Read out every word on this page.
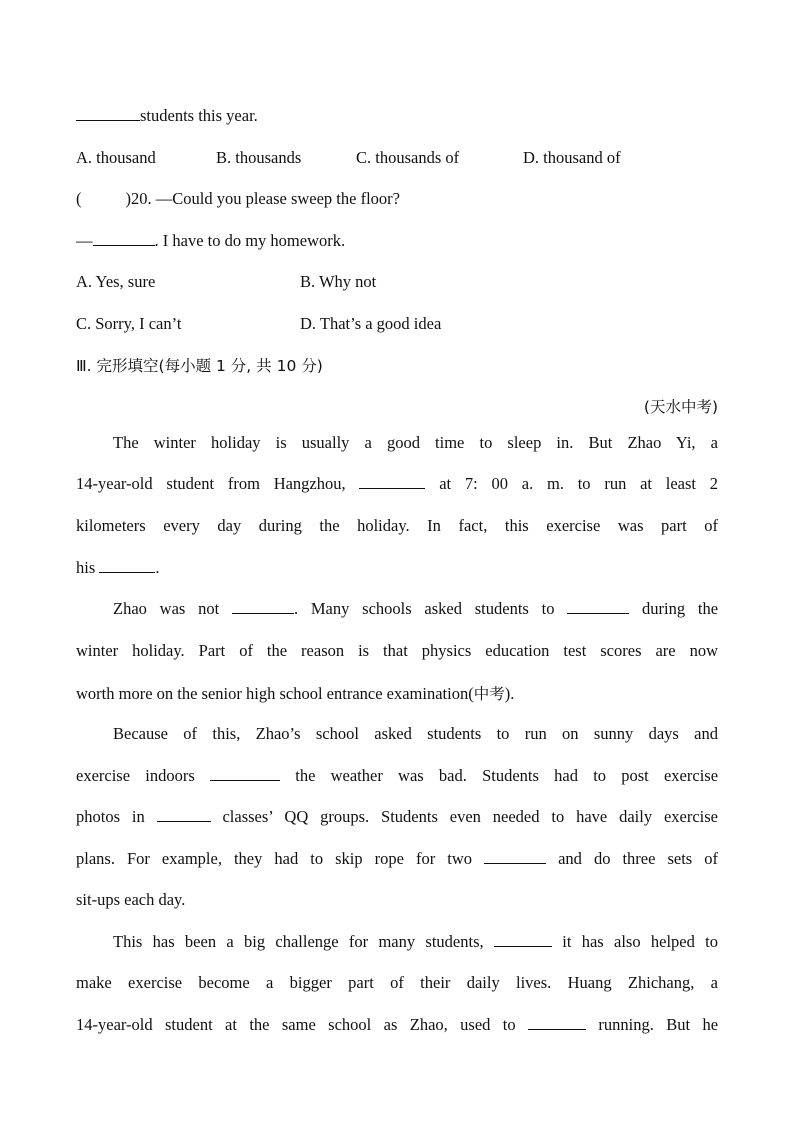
students this year.
A. thousand	B. thousands	C. thousands of	D. thousand of
(	)20. —Could you please sweep the floor?
—	. I have to do my homework.
A. Yes, sure	B. Why not
C. Sorry, I can’t	D. That’s a good idea
Ⅲ. 完形填空(每小题 1 分, 共 10 分)
(天水中考)
The winter holiday is usually a good time to sleep in. But Zhao Yi, a
14-year-old student from Hangzhou,	at 7: 00 a. m. to run at least 2
kilometers every day during the holiday. In fact, this exercise was part of
his	.
Zhao was not	. Many schools asked students to	during the
winter holiday. Part of the reason is that physics education test scores are now
worth more on the senior high school entrance examination(中考).
Because of this, Zhao’s school asked students to run on sunny days and
exercise indoors	the weather was bad. Students had to post exercise
photos in	classes’ QQ groups. Students even needed to have daily exercise
plans. For example, they had to skip rope for two	and do three sets of
sit-ups each day.
This has been a big challenge for many students,	it has also helped to
make exercise become a bigger part of their daily lives. Huang Zhichang, a
14-year-old student at the same school as Zhao, used to	running. But he
